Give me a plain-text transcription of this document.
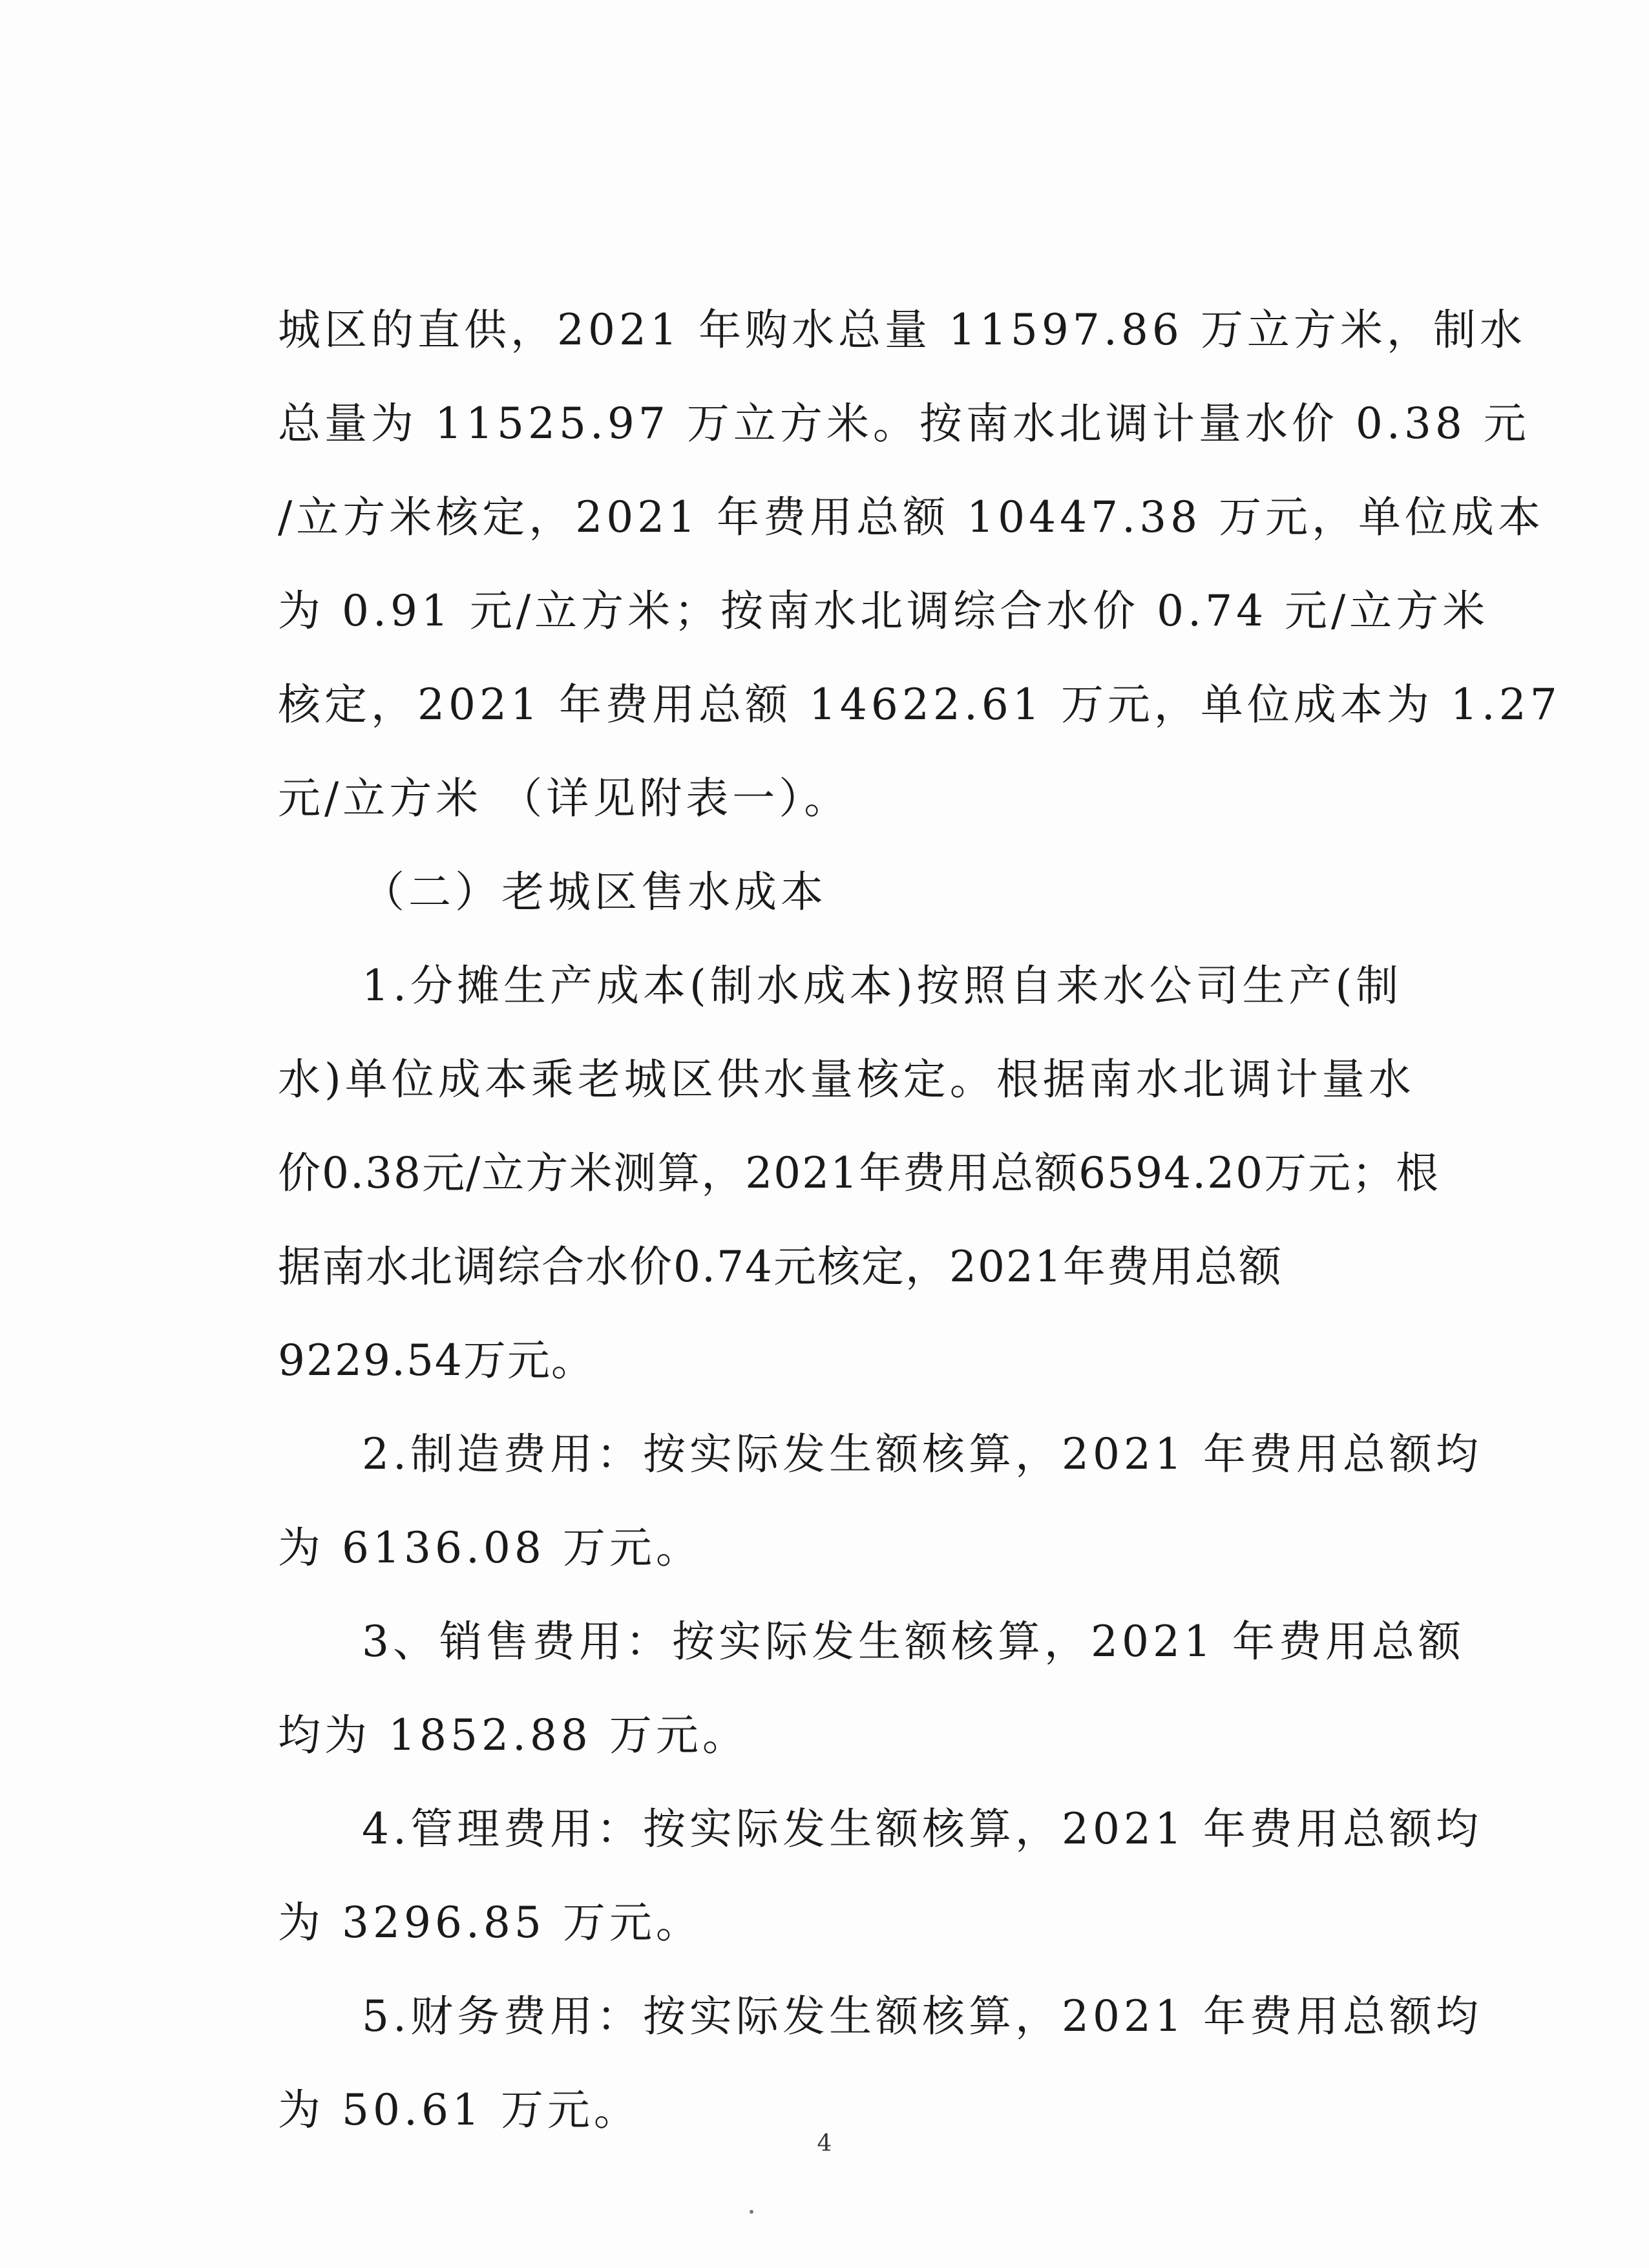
城区的直供，2021 年购水总量 11597.86 万立方米，制水
总量为 11525.97 万立方米。按南水北调计量水价 0.38 元
/立方米核定，2021 年费用总额 10447.38 万元，单位成本
为 0.91 元/立方米；按南水北调综合水价 0.74 元/立方米
核定，2021 年费用总额 14622.61 万元，单位成本为 1.27
元/立方米 （详见附表一）。
（二）老城区售水成本
1.分摊生产成本(制水成本)按照自来水公司生产(制
水)单位成本乘老城区供水量核定。根据南水北调计量水
价0.38元/立方米测算，2021年费用总额6594.20万元；根
据南水北调综合水价0.74元核定，2021年费用总额
9229.54万元。
2.制造费用：按实际发生额核算，2021 年费用总额均
为 6136.08 万元。
3、销售费用：按实际发生额核算，2021 年费用总额
均为 1852.88 万元。
4.管理费用：按实际发生额核算，2021 年费用总额均
为 3296.85 万元。
5.财务费用：按实际发生额核算，2021 年费用总额均
为 50.61 万元。
4
